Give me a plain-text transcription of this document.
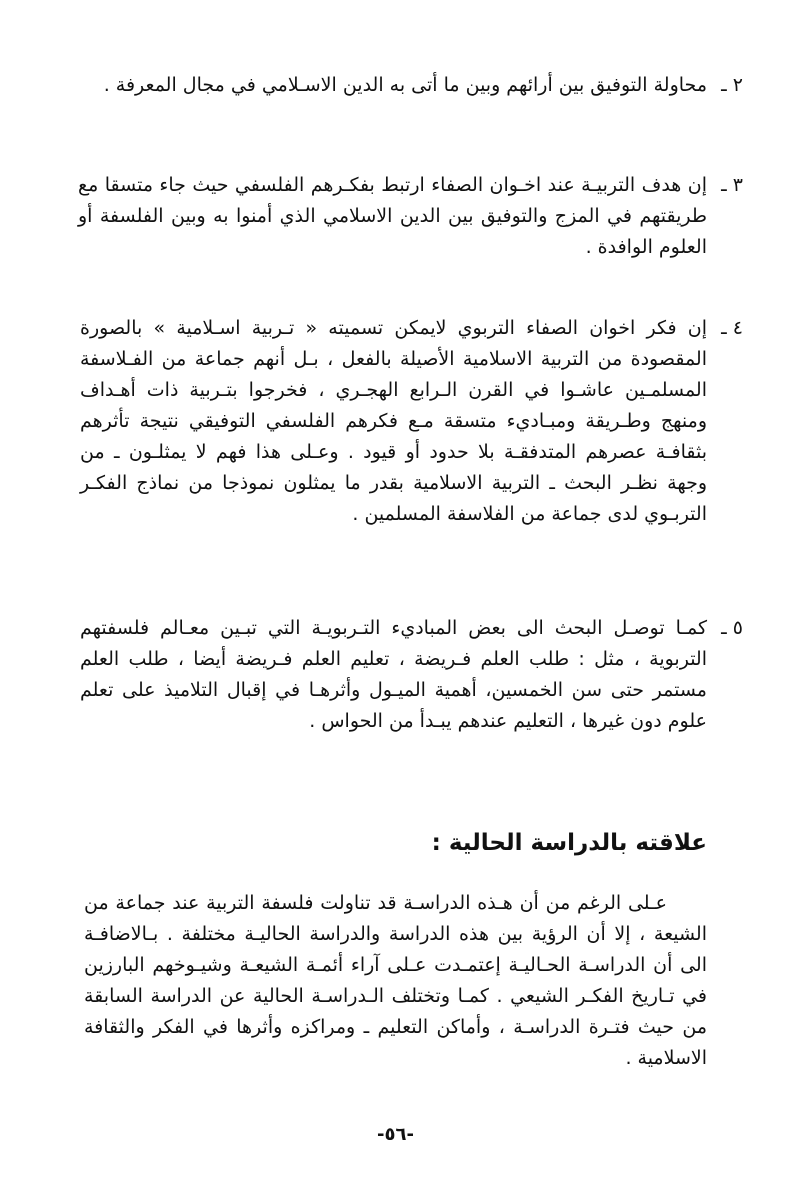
٢ ـ
محاولة التوفيق بين أرائهم وبين ما أتى به الدين الاسـلامي في مجال المعرفة .
٣ ـ
إن هدف التربيـة عند اخـوان الصفاء ارتبط بفكـرهم الفلسفي حيث جاء متسقا مع طريقتهم في المزج والتوفيق بين الدين الاسلامي الذي أمنوا به وبين الفلسفة أو العلوم الوافدة .
٤ ـ
إن فكر اخوان الصفاء التربوي لايمكن تسميته « تـربية اسـلامية » بالصورة المقصودة من التربية الاسلامية الأصيلة بالفعل ، بـل أنهم جماعة من الفـلاسفة المسلمـين عاشـوا في القرن الـرابع الهجـري ، فخرجوا بتـربية ذات أهـداف ومنهج وطـريقة ومبـاديء متسقة مـع فكرهم الفلسفي التوفيقي نتيجة تأثرهم بثقافـة عصرهم المتدفقـة بلا حدود أو قيود . وعـلى هذا فهم لا يمثلـون ـ من وجهة نظـر البحث ـ التربية الاسلامية بقدر ما يمثلون نموذجا من نماذج الفكـر التربـوي لدى جماعة من الفلاسفة المسلمين .
٥ ـ
كمـا توصـل البحث الى بعض المباديء التـربويـة التي تبـين معـالم فلسفتهم التربوية ، مثل : طلب العلم فـريضة ، تعليم العلم فـريضة أيضا ، طلب العلم مستمر حتى سن الخمسين، أهمية الميـول وأثرهـا في إقبال التلاميذ على تعلم علوم دون غيرها ، التعليم عندهم يبـدأ من الحواس .
علاقته بالدراسة الحالية :
عـلى الرغم من أن هـذه الدراسـة قد تناولت فلسفة التربية عند جماعة من الشيعة ، إلا أن الرؤية بين هذه الدراسة والدراسة الحاليـة مختلفة . بـالاضافـة الى أن الدراسـة الحـاليـة إعتمـدت عـلى آراء أئمـة الشيعـة وشيـوخهم البارزين في تـاريخ الفكـر الشيعي . كمـا وتختلف الـدراسـة الحالية عن الدراسة السابقة من حيث فتـرة الدراسـة ، وأماكن التعليم ـ ومراكزه وأثرها في الفكر والثقافة الاسلامية .
-٥٦-
